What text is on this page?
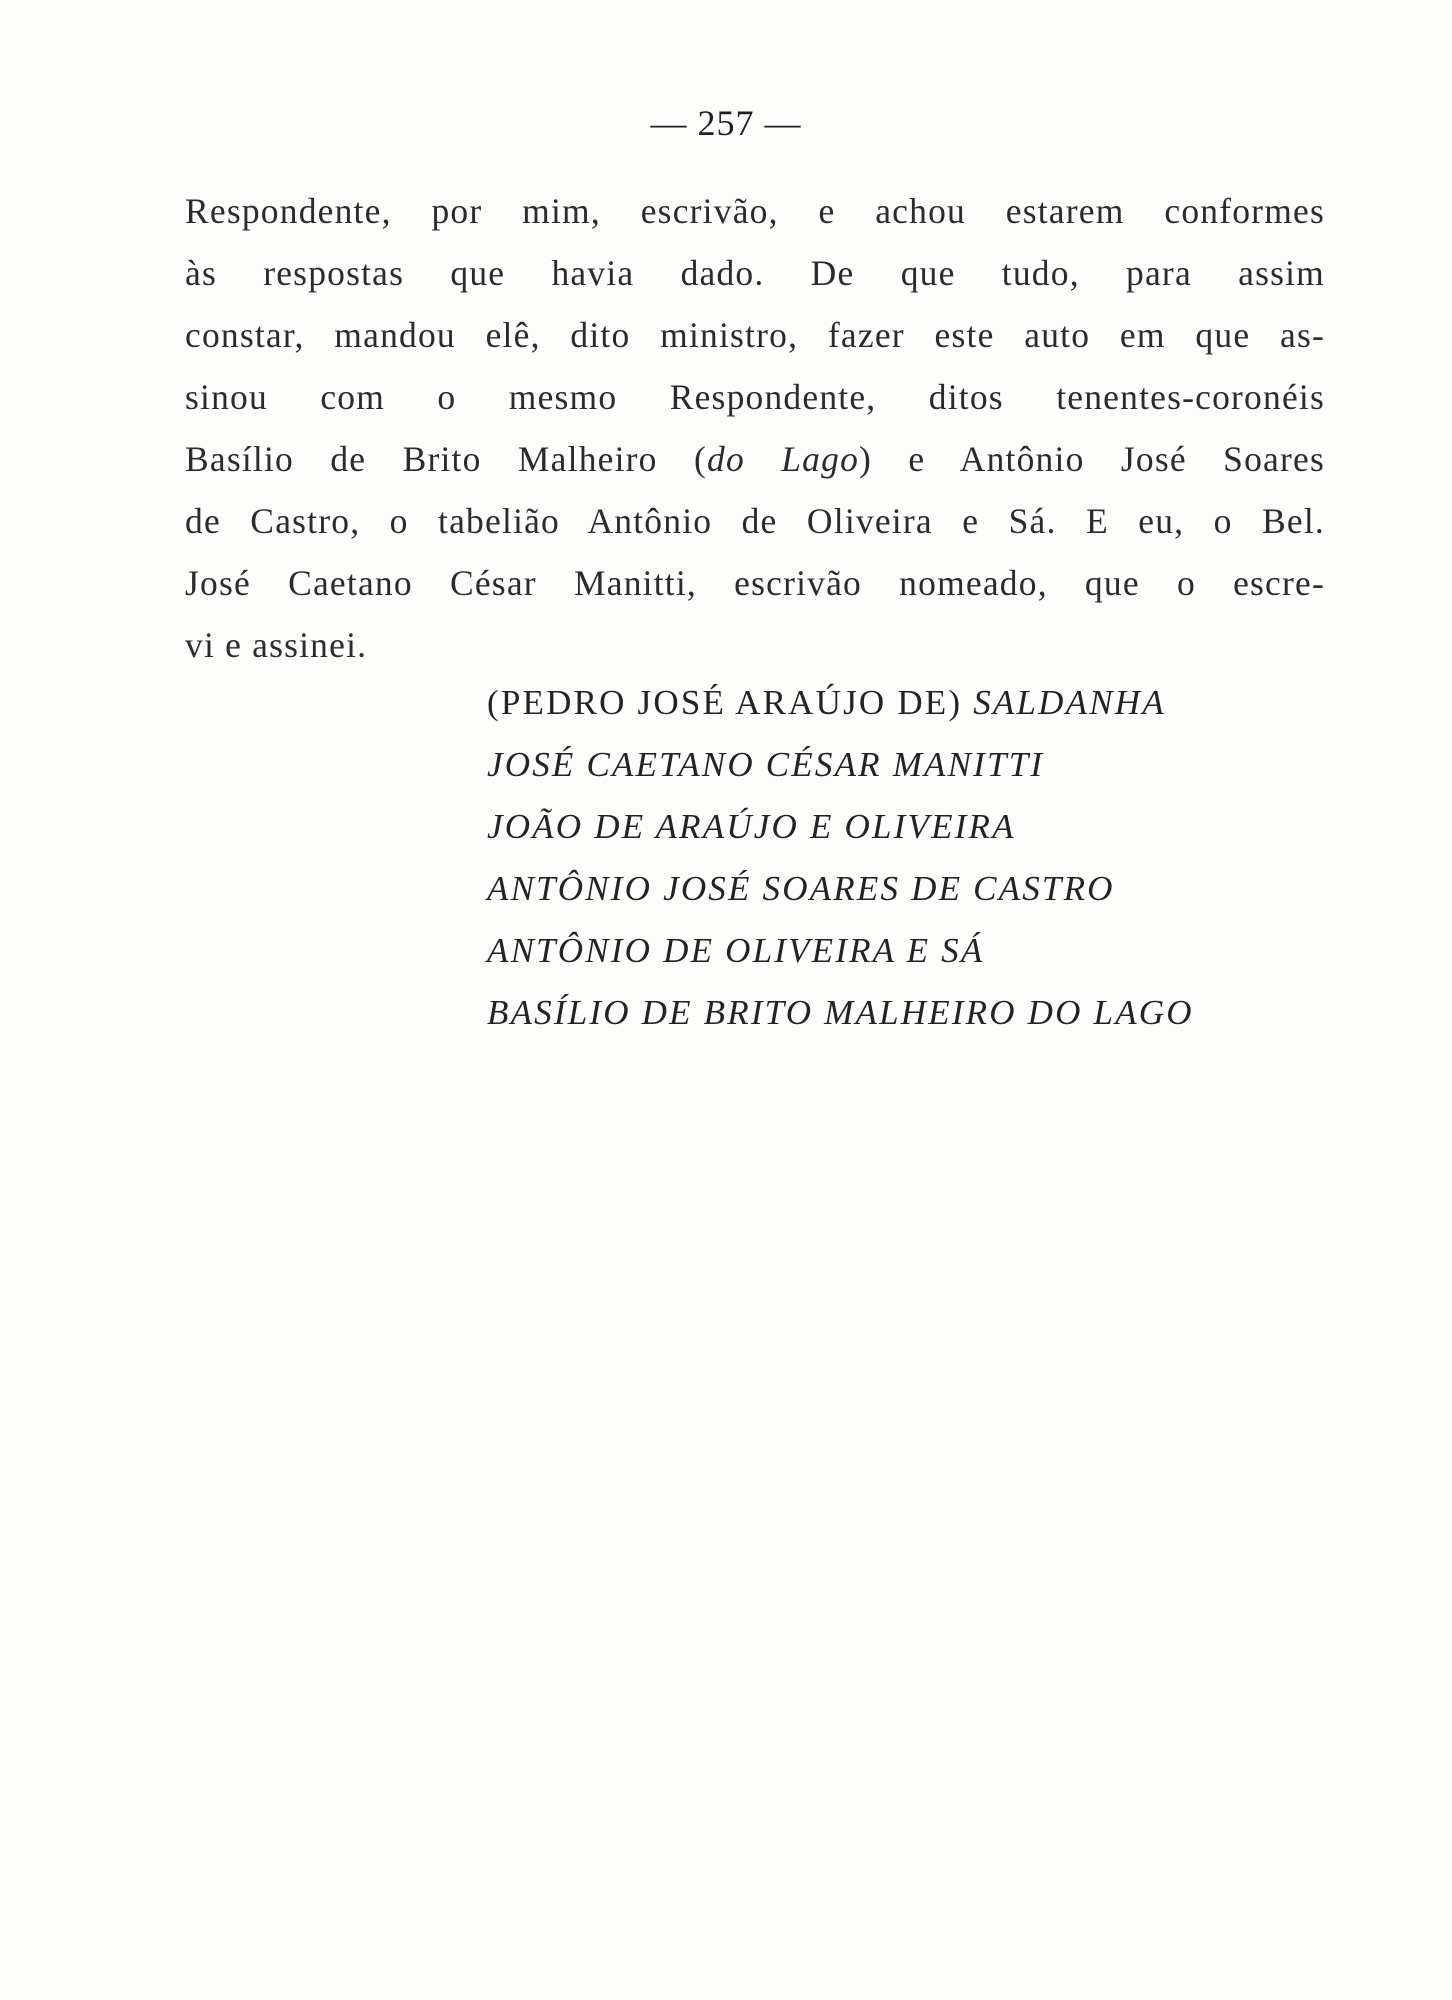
— 257 —
Respondente, por mim, escrivão, e achou estarem conformes
às respostas que havia dado. De que tudo, para assim
constar, mandou elê, dito ministro, fazer este auto em que as-
sinou com o mesmo Respondente, ditos tenentes-coronéis
Basílio de Brito Malheiro (do Lago) e Antônio José Soares
de Castro, o tabelião Antônio de Oliveira e Sá. E eu, o Bel.
José Caetano César Manitti, escrivão nomeado, que o escre-
vi e assinei.
(PEDRO JOSÉ ARAÚJO DE) SALDANHA
JOSÉ CAETANO CÉSAR MANITTI
JOÃO DE ARAÚJO E OLIVEIRA
ANTÔNIO JOSÉ SOARES DE CASTRO
ANTÔNIO DE OLIVEIRA E SÁ
BASÍLIO DE BRITO MALHEIRO DO LAGO
